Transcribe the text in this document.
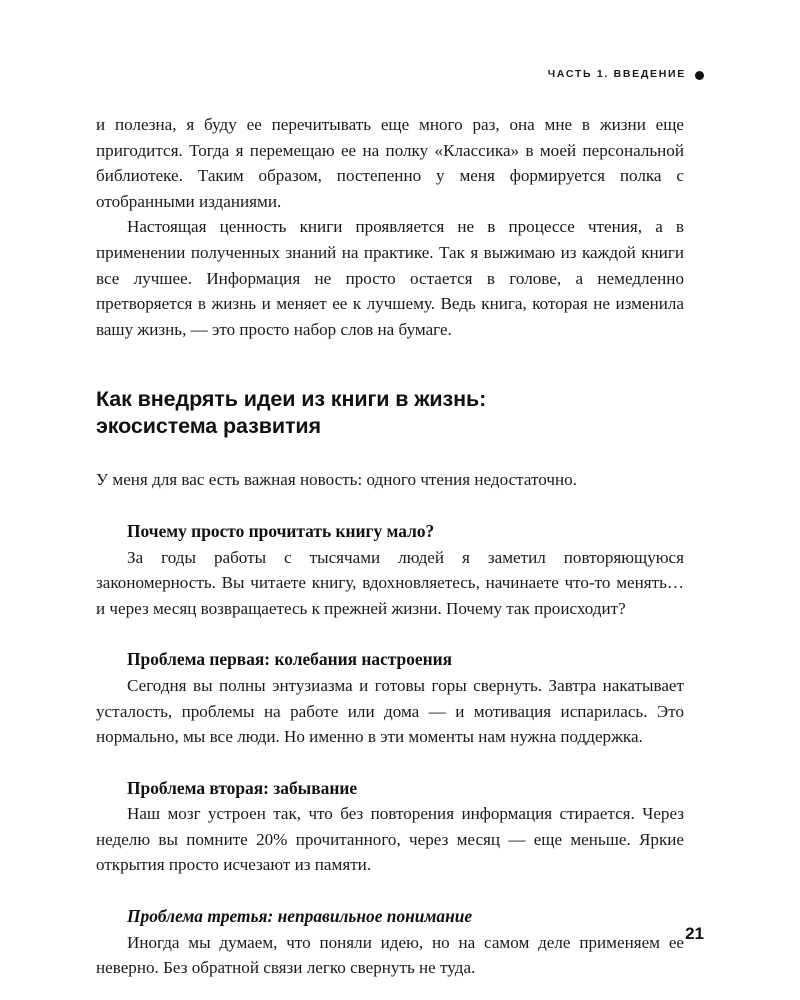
ЧАСТЬ 1. ВВЕДЕНИЕ

и полезна, я буду ее перечитывать еще много раз, она мне в жизни еще пригодится. Тогда я перемещаю ее на полку «Классика» в моей персональной библиотеке. Таким образом, постепенно у меня формируется полка с отобранными изданиями.

Настоящая ценность книги проявляется не в процессе чтения, а в применении полученных знаний на практике. Так я выжимаю из каждой книги все лучшее. Информация не просто остается в голове, а немедленно претворяется в жизнь и меняет ее к лучшему. Ведь книга, которая не изменила вашу жизнь, — это просто набор слов на бумаге.

Как внедрять идеи из книги в жизнь:
экосистема развития

У меня для вас есть важная новость: одного чтения недостаточно.

Почему просто прочитать книгу мало?

За годы работы с тысячами людей я заметил повторяющуюся закономерность. Вы читаете книгу, вдохновляетесь, начинаете что-то менять… и через месяц возвращаетесь к прежней жизни. Почему так происходит?

Проблема первая: колебания настроения

Сегодня вы полны энтузиазма и готовы горы свернуть. Завтра накатывает усталость, проблемы на работе или дома — и мотивация испарилась. Это нормально, мы все люди. Но именно в эти моменты нам нужна поддержка.

Проблема вторая: забывание

Наш мозг устроен так, что без повторения информация стирается. Через неделю вы помните 20% прочитанного, через месяц — еще меньше. Яркие открытия просто исчезают из памяти.

Проблема третья: неправильное понимание

Иногда мы думаем, что поняли идею, но на самом деле применяем ее неверно. Без обратной связи легко свернуть не туда.

21
